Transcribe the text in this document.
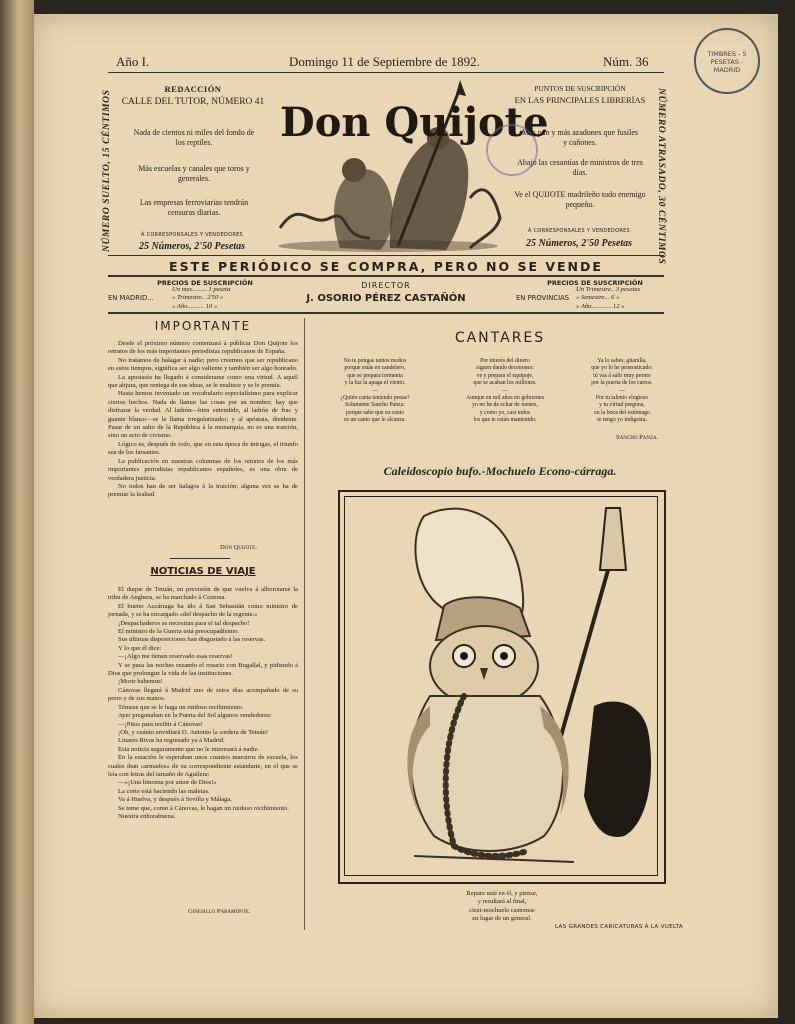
Año I.	Domingo 11 de Septiembre de 1892.	Núm. 36
NÚMERO SUELTO, 15 CÉNTIMOS	NÚMERO ATRASADO, 30 CÉNTIMOS
TIMBRES - 5 PESETAS - MADRID
REDACCIÓN
CALLE DEL TUTOR, NÚMERO 41
Nada de cientos ni miles del fondo de los reptiles.
Más escuelas y canales que toros y generales.
Las empresas ferroviarias tendrán censuras diarias.
Á CORRESPONSALES Y VENDEDORES
25 Números, 2'50 Pesetas
Don Quijote
PUNTOS DE SUSCRIPCIÓN
EN LAS PRINCIPALES LIBRERÍAS
Más pan y más azadones que fusiles y cañones.
Abajo las cesantías de ministros de tres días.
Ve el QUIJOTE madrileño todo enemigo pequeño.
Á CORRESPONSALES Y VENDEDORES
25 Números, 2'50 Pesetas
ESTE PERIÓDICO SE COMPRA, PERO NO SE VENDE
PRECIOS DE SUSCRIPCIÓN
EN MADRID...
Un mes......... 1 peseta
» Trimestre.. 2'50 »
» Año.......... 10 »
DIRECTOR
J. OSORIO PÉREZ CASTAÑÓN
PRECIOS DE SUSCRIPCIÓN
EN PROVINCIAS
Un Trimestre.. 3 pesetas
» Semestre... 6 »
» Año............ 12 »
IMPORTANTE

Desde el próximo número comenzará á publicar Don Quijote los retratos de los más importantes periodistas republicanos de España.

No tratamos de halagar á nadie; pero creemos que ser republicano en estos tiempos, significa ser algo valiente y también ser algo honrado.

La apostasía ha llegado á considerarse como una virtud. A aquél que abjura, que reniega de sus ideas, se le enaltece y se le premia.

Hasta hemos inventado un vocabulario especialísimo para explicar ciertos hechos. Nada de llamar las cosas por su nombre; hay que disfrazar la verdad. Al ladrón—bien entendido, al ladrón de frac y guante blanco—se le llama irregularizador; y al apóstata, disidente. Pasar de un salto de la República á la monarquía, no es una traición, sino un acto de civismo.

Lógico es, después de todo, que en esta época de intrigas, el triunfo sea de los farsantes.

La publicación en nuestras columnas de los retratos de los más importantes periodistas republicanos españoles, es una obra de verdadera justicia.

No todos han de ser halagos á la traición; alguna vez se ha de premiar la lealtad.

Don Quijote.
NOTICIAS DE VIAJE

El duque de Tetuán, en previsión de que vuelva á alborotarse la tribu de Anghera, se ha marchado á Costona.

El bueno Azcárraga ha ido á San Sebastián como ministro de jornada, y se ha encargado «del despacho de la regente.»

¡Despachaderos se necesitan para el tal despacho!

El ministro de la Guerra está preocupadísimo.

Sus últimas disposiciones han disgustado á las reservas.

Y lo que él dice:

—¡Algo me tienen reservado esas reservas!

Y se pasa las noches rezando el rosario con Bugallal, y pidiendo á Dios que prolongue la vida de las instituciones.

¡Morir habemus!

Cánovas llegará á Madrid uno de estos días acompañado de su perro y de sus manos.

Témese que se le haga un ruidoso recibimiento.

Ayer pregonaban en la Puerta del Sol algunos vendedores:

—¡Pitos para recibir á Cánovas!

¡Oh, y cuánto envidiará D. Antonio la sordera de Tetuán!

Linares Rivas ha regresado ya á Madrid.

Esta noticia seguramente que no le interesará á nadie.

En la estación le esperaban unos cuantos maestros de escuela, los cuales iban «armados» de su correspondiente estandarte, en el que se leía con letras del tamaño de Aguilera:

—«¡Una limosna por amor de Dios!»

La corte está haciendo las maletas.

Va á Huelva, y después á Sevilla y Málaga.

Se teme que, como á Cánovas, le hagan un ruidoso recibimiento.

Nuestra enhorabuena.

Ginesillo Paramonte.
CANTARES
No te pongas tantos moños
porque estás en candelero,
que se prepara tormenta
y la luz la apaga el viento.
—
¿Quién canta teniendo penas?
Solamente Sancho Panza:
porque sabe que su canto
es un canto que le alcanza.
Por interés del dinero
siguen dando decenones:
ve y prepara el equipaje,
que se acaban los millones.
—
Aunque en mil años no gobiernes
yo no he de echar de menos,
y como yo, casi todos
los que te están mantenido.
Ya lo sabes, gitanilla,
que yo lo he pronosticado:
tú vas á salir muy pronto
por la puerta de los carros.
—
Por tu talento elogioso
y tu virtud pregona,
en la boca del estómago
te tengo yo indigesta.
Sancho Panza.
Caleidoscopio bufo.-Mochuelo Econo-cárraga.
Repare usté en él, y piense,
y resultará al final,
ciezi-mochuelo castrense
en lugar de un general.
LAS GRANDES CARICATURAS Á LA VUELTA
